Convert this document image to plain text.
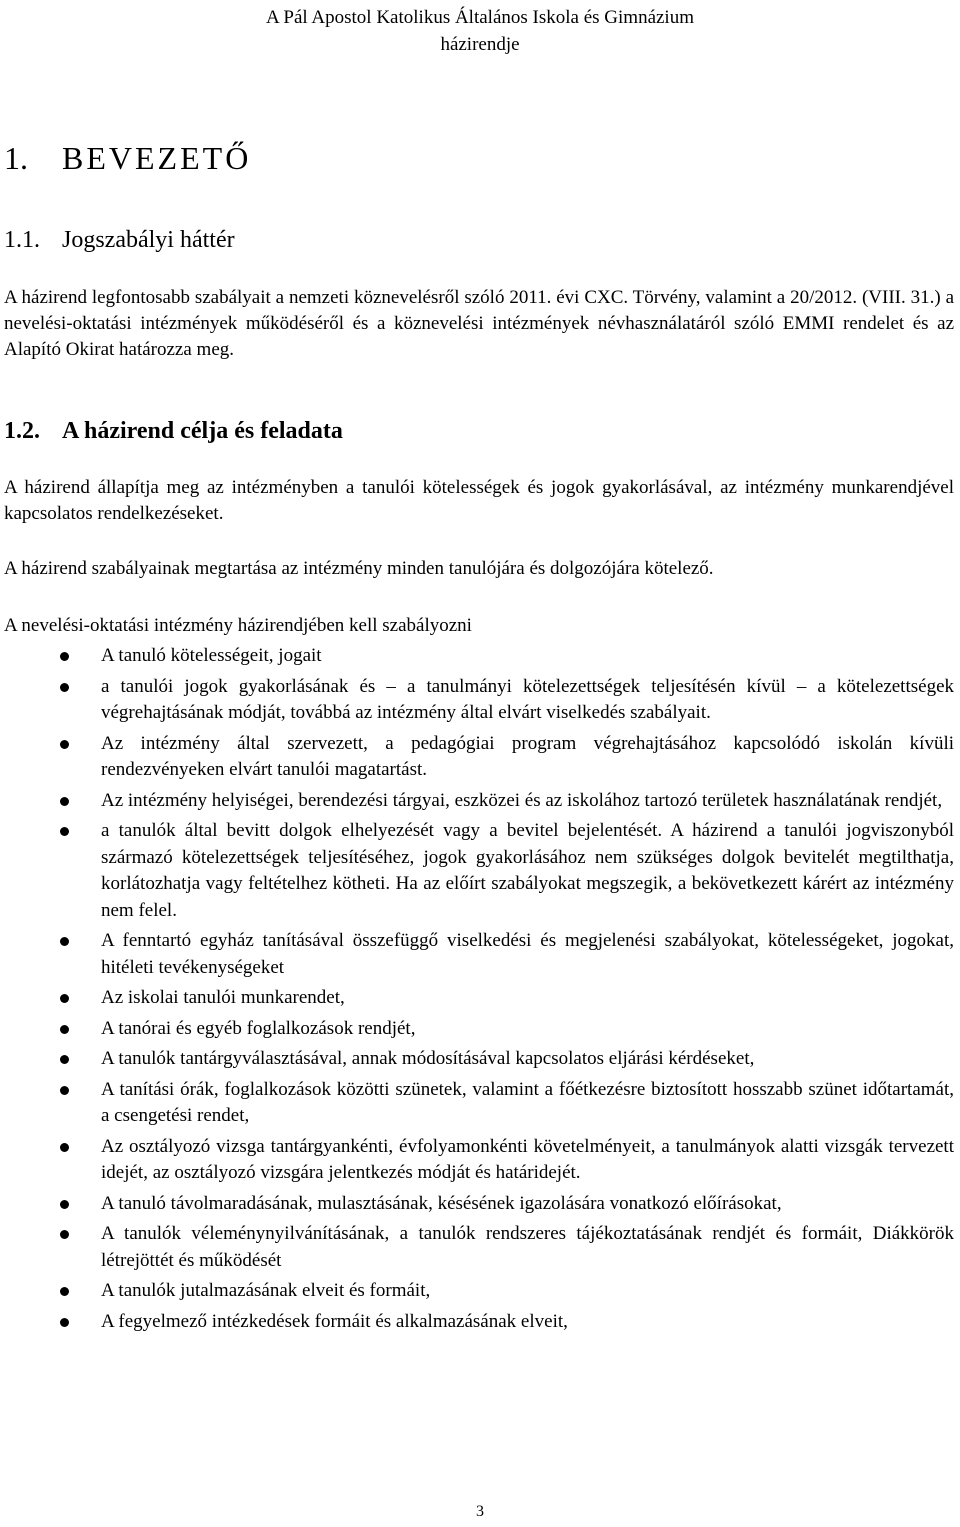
A Pál Apostol Katolikus Általános Iskola és Gimnázium
házirendje
1. BEVEZETŐ
1.1. Jogszabályi háttér

A házirend legfontosabb szabályait a nemzeti köznevelésről szóló 2011. évi CXC. Törvény, valamint a 20/2012. (VIII. 31.) a nevelési-oktatási intézmények működéséről és a köznevelési intézmények névhasználatáról szóló EMMI rendelet és az Alapító Okirat határozza meg.

1.2. A házirend célja és feladata

A házirend állapítja meg az intézményben a tanulói kötelességek és jogok gyakorlásával, az intézmény munkarendjével kapcsolatos rendelkezéseket.

A házirend szabályainak megtartása az intézmény minden tanulójára és dolgozójára kötelező.

A nevelési-oktatási intézmény házirendjében kell szabályozni

A tanuló kötelességeit, jogait
a tanulói jogok gyakorlásának és – a tanulmányi kötelezettségek teljesítésén kívül – a kötelezettségek végrehajtásának módját, továbbá az intézmény által elvárt viselkedés szabályait.
Az intézmény által szervezett, a pedagógiai program végrehajtásához kapcsolódó iskolán kívüli rendezvényeken elvárt tanulói magatartást.
Az intézmény helyiségei, berendezési tárgyai, eszközei és az iskolához tartozó területek használatának rendjét,
a tanulók által bevitt dolgok elhelyezését vagy a bevitel bejelentését. A házirend a tanulói jogviszonyból származó kötelezettségek teljesítéséhez, jogok gyakorlásához nem szükséges dolgok bevitelét megtilthatja, korlátozhatja vagy feltételhez kötheti. Ha az előírt szabályokat megszegik, a bekövetkezett kárért az intézmény nem felel.
A fenntartó egyház tanításával összefüggő viselkedési és megjelenési szabályokat, kötelességeket, jogokat, hitéleti tevékenységeket
Az iskolai tanulói munkarendet,
A tanórai és egyéb foglalkozások rendjét,
A tanulók tantárgyválasztásával, annak módosításával kapcsolatos eljárási kérdéseket,
A tanítási órák, foglalkozások közötti szünetek, valamint a főétkezésre biztosított hosszabb szünet időtartamát, a csengetési rendet,
Az osztályozó vizsga tantárgyankénti, évfolyamonkénti követelményeit, a tanulmányok alatti vizsgák tervezett idejét, az osztályozó vizsgára jelentkezés módját és határidejét.
A tanuló távolmaradásának, mulasztásának, késésének igazolására vonatkozó előírásokat,
A tanulók véleménynyilvánításának, a tanulók rendszeres tájékoztatásának rendjét és formáit, Diákkörök létrejöttét és működését
A tanulók jutalmazásának elveit és formáit,
A fegyelmező intézkedések formáit és alkalmazásának elveit,
3
